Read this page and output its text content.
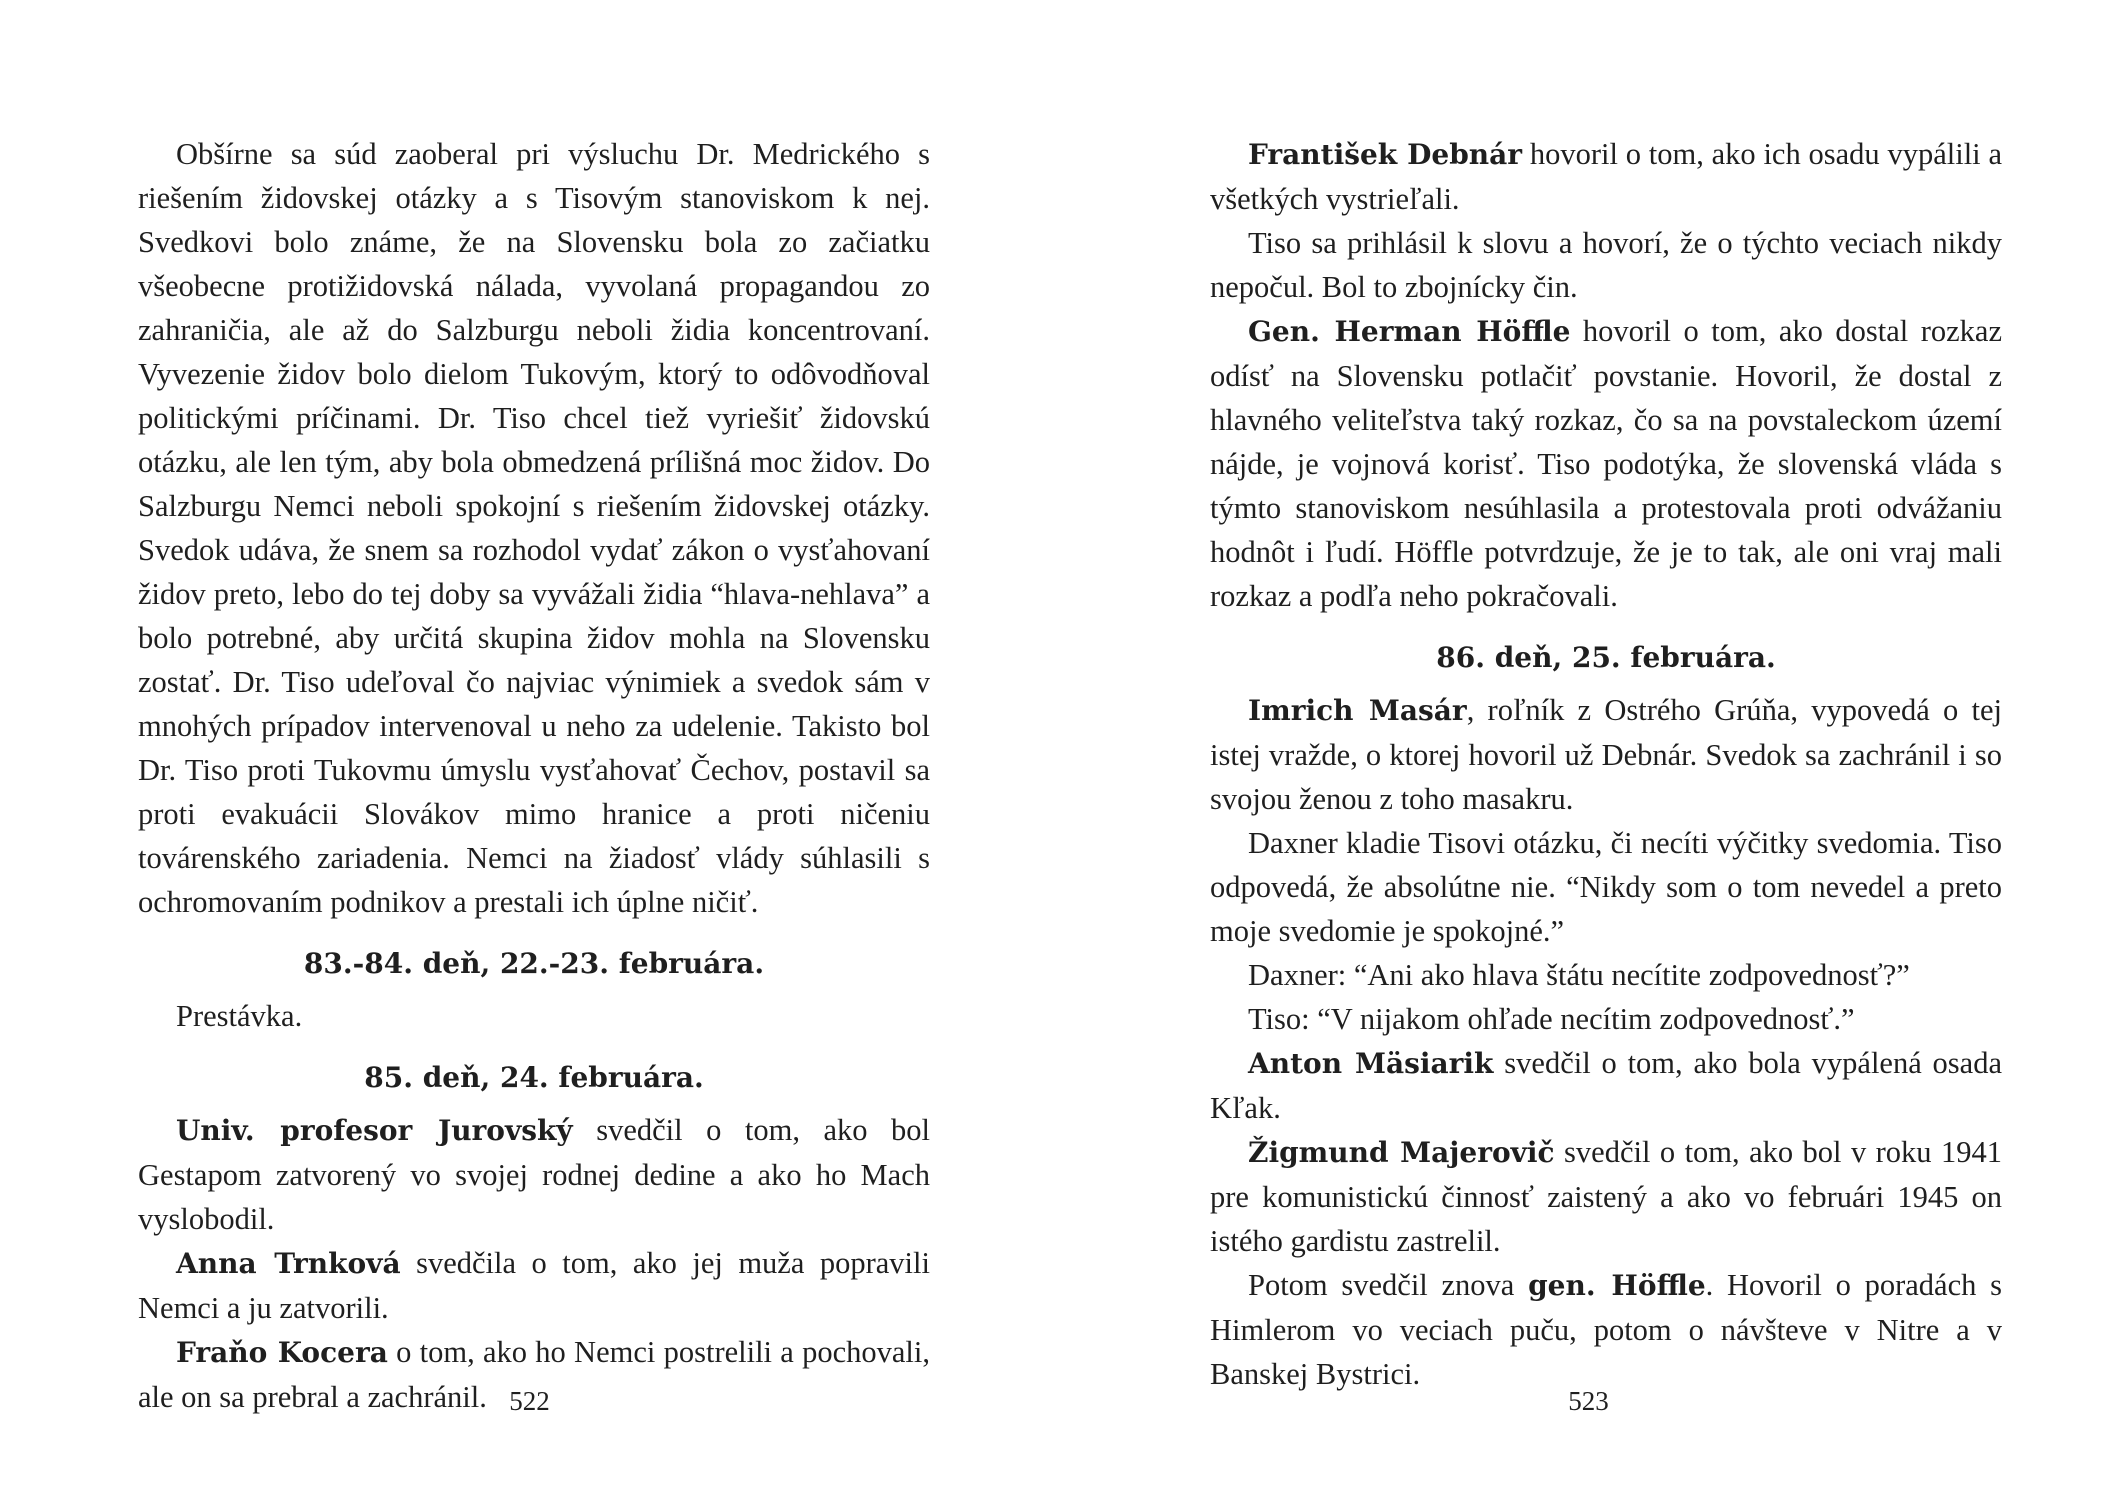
Obšírne sa súd zaoberal pri výsluchu Dr. Medrického s riešením židovskej otázky a s Tisovým stanoviskom k nej. Svedkovi bolo známe, že na Slovensku bola zo začiatku všeobecne protižidovská nálada, vyvolaná propagandou zo zahraničia, ale až do Salzburgu neboli židia koncentrovaní. Vyvezenie židov bolo dielom Tukovým, ktorý to odôvodňoval politickými príčinami. Dr. Tiso chcel tiež vyriešiť židovskú otázku, ale len tým, aby bola obmedzená prílišná moc židov. Do Salzburgu Nemci neboli spokojní s riešením židovskej otázky. Svedok udáva, že snem sa rozhodol vydať zákon o vysťahovaní židov preto, lebo do tej doby sa vyvážali židia “hlava-nehlava” a bolo potrebné, aby určitá skupina židov mohla na Slovensku zostať. Dr. Tiso udeľoval čo najviac výnimiek a svedok sám v mnohých prípadov intervenoval u neho za udelenie. Takisto bol Dr. Tiso proti Tukovmu úmyslu vysťahovať Čechov, postavil sa proti evakuácii Slovákov mimo hranice a proti ničeniu továrenského zariadenia. Nemci na žiadosť vlády súhlasili s ochromovaním podnikov a prestali ich úplne ničiť.

83.-84. deň, 22.-23. februára.

Prestávka.

85. deň, 24. februára.

Univ. profesor Jurovský svedčil o tom, ako bol Gestapom zatvorený vo svojej rodnej dedine a ako ho Mach vyslobodil.

Anna Trnková svedčila o tom, ako jej muža popravili Nemci a ju zatvorili.

Fraňo Kocera o tom, ako ho Nemci postrelili a pochovali, ale on sa prebral a zachránil. 522

František Debnár hovoril o tom, ako ich osadu vypálili a všetkých vystrieľali.

Tiso sa prihlásil k slovu a hovorí, že o týchto veciach nikdy nepočul. Bol to zbojnícky čin.

Gen. Herman Höffle hovoril o tom, ako dostal rozkaz odísť na Slovensku potlačiť povstanie. Hovoril, že dostal z hlavného veliteľstva taký rozkaz, čo sa na povstaleckom území nájde, je vojnová korisť. Tiso podotýka, že slovenská vláda s týmto stanoviskom nesúhlasila a protestovala proti odvážaniu hodnôt i ľudí. Höffle potvrdzuje, že je to tak, ale oni vraj mali rozkaz a podľa neho pokračovali.

86. deň, 25. februára.

Imrich Masár, roľník z Ostrého Grúňa, vypovedá o tej istej vražde, o ktorej hovoril už Debnár. Svedok sa zachránil i so svojou ženou z toho masakru.

Daxner kladie Tisovi otázku, či necíti výčitky svedomia. Tiso odpovedá, že absolútne nie. “Nikdy som o tom nevedel a preto moje svedomie je spokojné.”

Daxner: “Ani ako hlava štátu necítite zodpovednosť?”

Tiso: “V nijakom ohľade necítim zodpovednosť.”

Anton Mäsiarik svedčil o tom, ako bola vypálená osada Kľak.

Žigmund Majerovič svedčil o tom, ako bol v roku 1941 pre komunistickú činnosť zaistený a ako vo februári 1945 on istého gardistu zastrelil.

Potom svedčil znova gen. Höffle. Hovoril o poradách s Himlerom vo veciach puču, potom o návšteve v Nitre a v Banskej Bystrici.

523
